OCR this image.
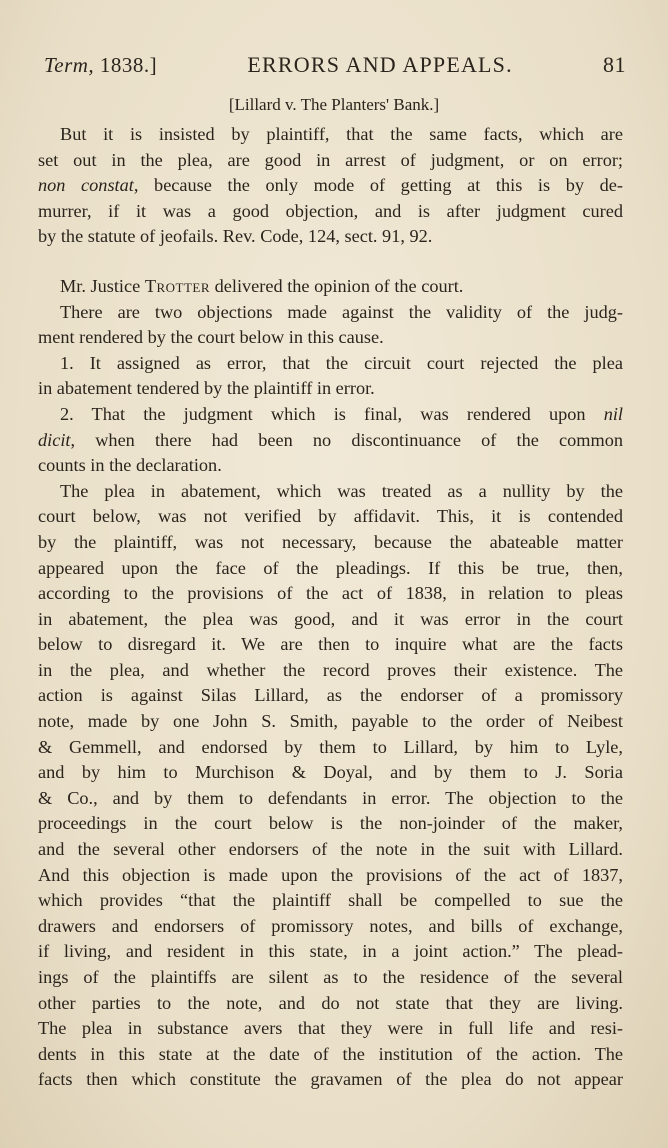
Term, 1838.]	ERRORS AND APPEALS.	81
[Lillard v. The Planters' Bank.]
But it is insisted by plaintiff, that the same facts, which are
set out in the plea, are good in arrest of judgment, or on error;
non constat, because the only mode of getting at this is by de-
murrer, if it was a good objection, and is after judgment cured
by the statute of jeofails. Rev. Code, 124, sect. 91, 92.
Mr. Justice Trotter delivered the opinion of the court.
There are two objections made against the validity of the judg-
ment rendered by the court below in this cause.
1. It assigned as error, that the circuit court rejected the plea
in abatement tendered by the plaintiff in error.
2. That the judgment which is final, was rendered upon nil
dicit, when there had been no discontinuance of the common
counts in the declaration.
The plea in abatement, which was treated as a nullity by the
court below, was not verified by affidavit. This, it is contended
by the plaintiff, was not necessary, because the abateable matter
appeared upon the face of the pleadings. If this be true, then,
according to the provisions of the act of 1838, in relation to pleas
in abatement, the plea was good, and it was error in the court
below to disregard it. We are then to inquire what are the facts
in the plea, and whether the record proves their existence. The
action is against Silas Lillard, as the endorser of a promissory
note, made by one John S. Smith, payable to the order of Neibest
& Gemmell, and endorsed by them to Lillard, by him to Lyle,
and by him to Murchison & Doyal, and by them to J. Soria
& Co., and by them to defendants in error. The objection to the
proceedings in the court below is the non-joinder of the maker,
and the several other endorsers of the note in the suit with Lillard.
And this objection is made upon the provisions of the act of 1837,
which provides “that the plaintiff shall be compelled to sue the
drawers and endorsers of promissory notes, and bills of exchange,
if living, and resident in this state, in a joint action.” The plead-
ings of the plaintiffs are silent as to the residence of the several
other parties to the note, and do not state that they are living.
The plea in substance avers that they were in full life and resi-
dents in this state at the date of the institution of the action. The
facts then which constitute the gravamen of the plea do not appear
